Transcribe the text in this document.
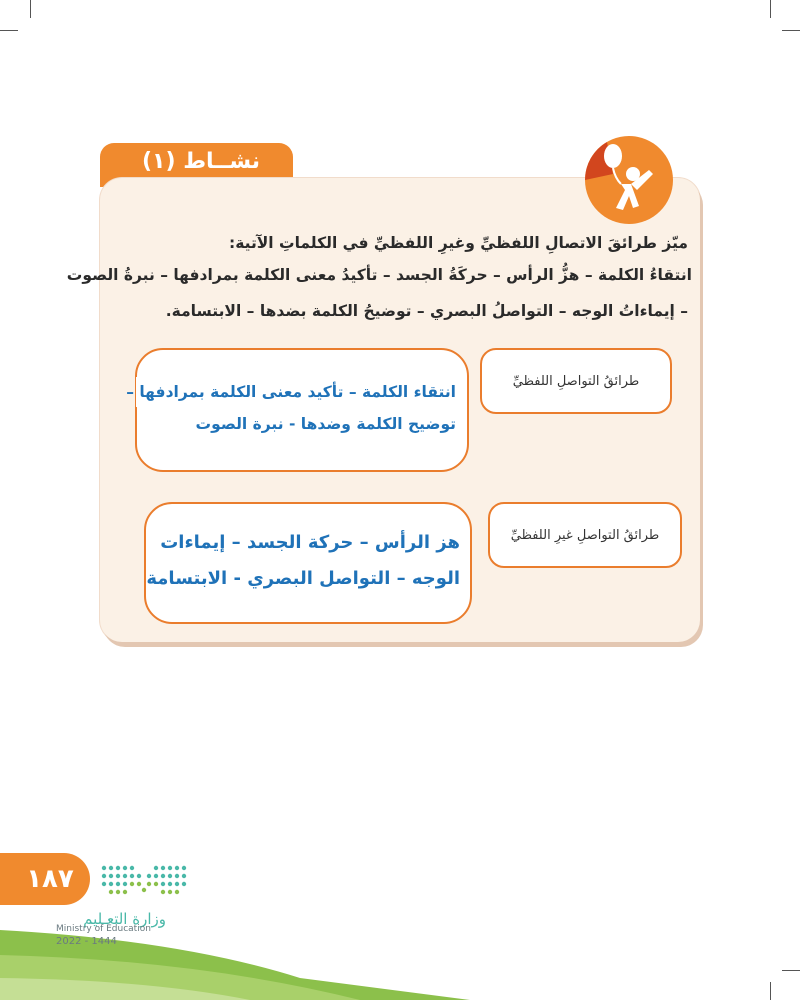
نشــاط (١)
ميّز طرائقَ الاتصالِ اللفظيِّ وغيرِ اللفظيِّ في الكلماتِ الآتية:
انتقاءُ الكلمة – هزُّ الرأس – حركَةُ الجسد – تأكيدُ معنى الكلمة بمرادفها – نبرةُ الصوت
– إيماءاتُ الوجه – التواصلُ البصري – توضيحُ الكلمة بضدها – الابتسامة.
طرائقُ التواصلِ اللفظيِّ
انتقاء الكلمة – تأكيد معنى الكلمة بمرادفها –
توضيح الكلمة وضدها - نبرة الصوت
طرائقُ التواصلِ غيرِ اللفظيِّ
هز الرأس – حركة الجسد – إيماءات
الوجه – التواصل البصري - الابتسامة
١٨٧
وزارة التعـليم
Ministry of Education
2022 - 1444
